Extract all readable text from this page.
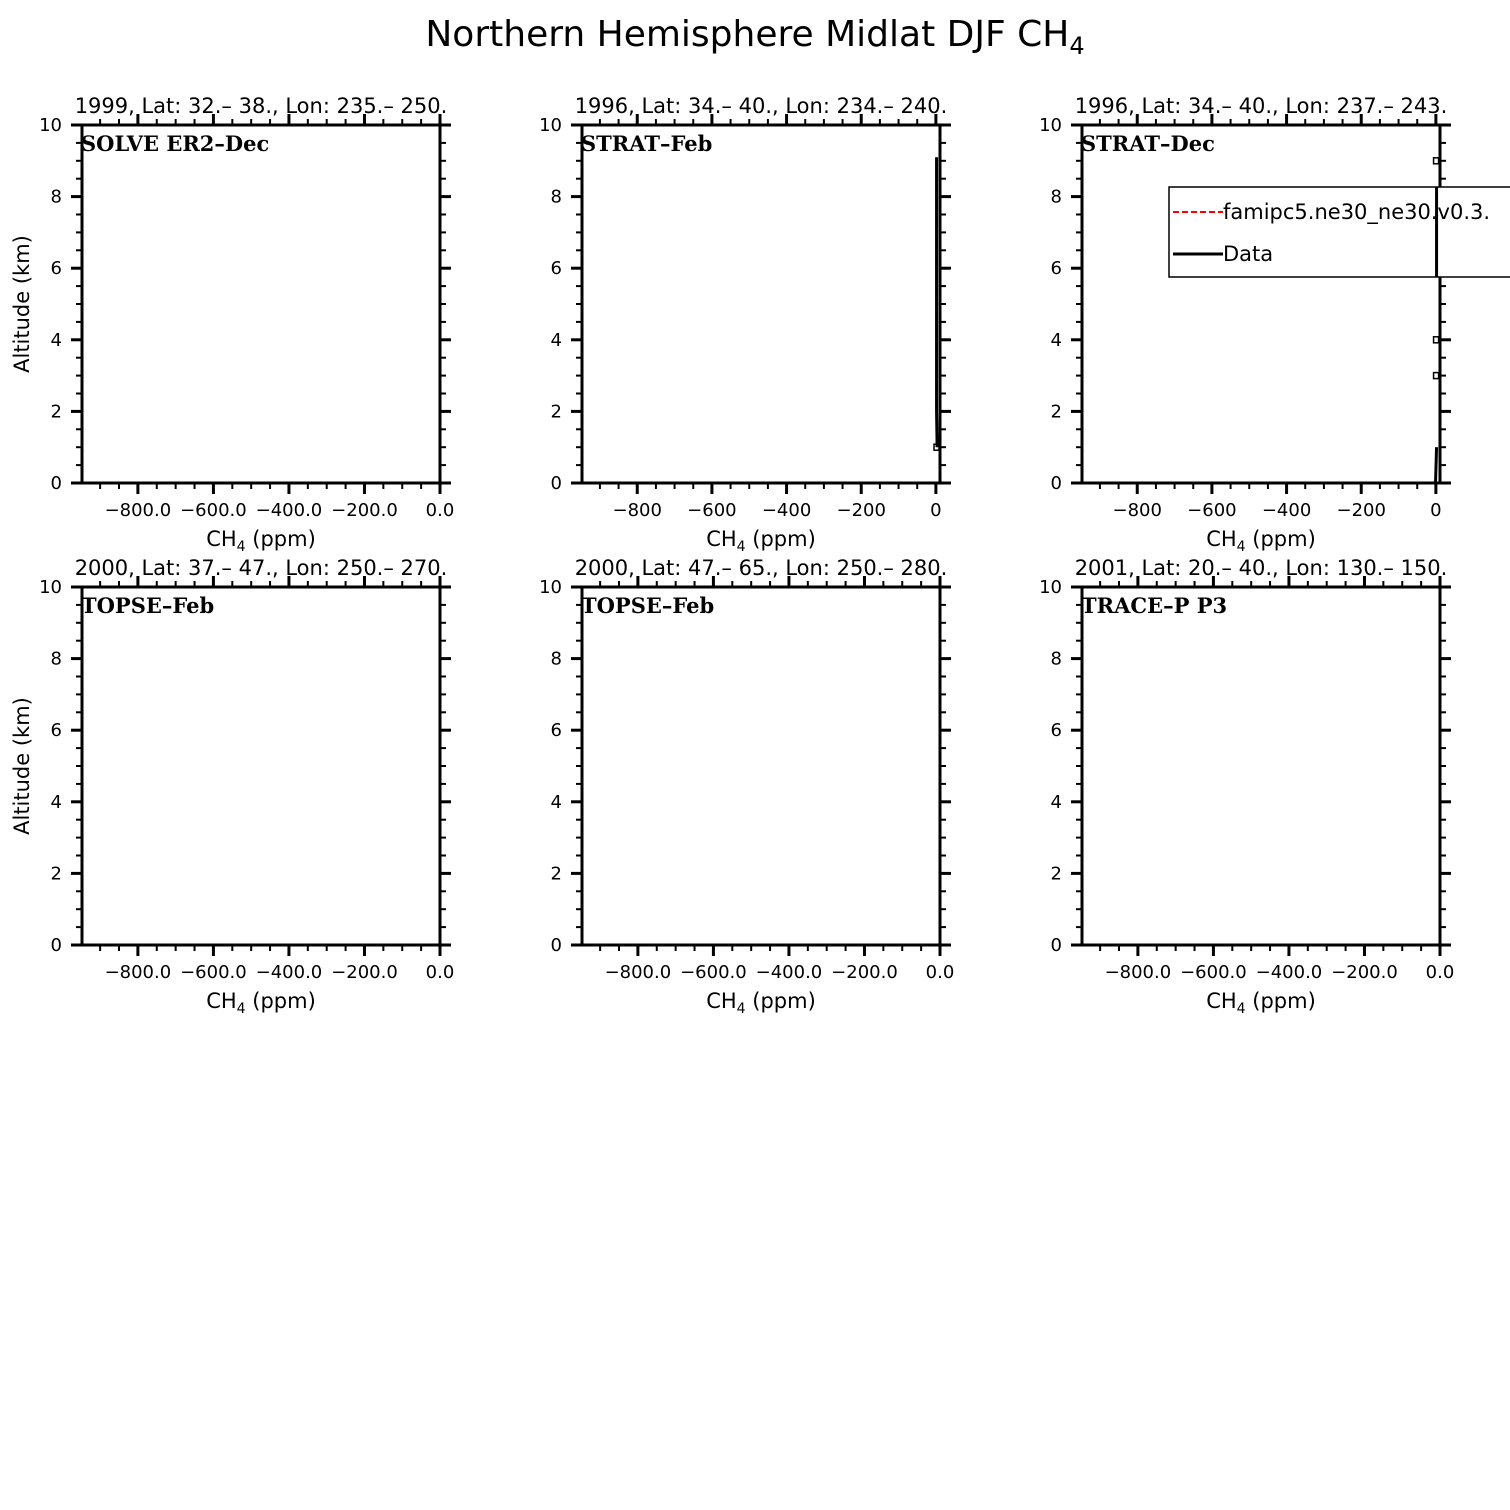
Northern Hemisphere Midlat DJF $CH_4$
−800.0 −600.0 −400.0 −200.0 0.0
0
2
4
6
8
10
1999, Lat: 32.– 38., Lon: 235.– 250.
SOLVE ER2–Dec
$CH_4$ (ppm)
Altitude (km)
−800 −600 −400 −200 0
0
2
4
6
8
10
1996, Lat: 34.– 40., Lon: 234.– 240.
STRAT–Feb
$CH_4$ (ppm)
−800 −600 −400 −200 0
0
2
4
6
8
10
1996, Lat: 34.– 40., Lon: 237.– 243.
STRAT–Dec
$CH_4$ (ppm)
famipc5.ne30_ne30.v0.3.
Data
−800.0 −600.0 −400.0 −200.0 0.0
0
2
4
6
8
10
2000, Lat: 37.– 47., Lon: 250.– 270.
TOPSE–Feb
$CH_4$ (ppm)
Altitude (km)
−800.0 −600.0 −400.0 −200.0 0.0
0
2
4
6
8
10
2000, Lat: 47.– 65., Lon: 250.– 280.
TOPSE–Feb
$CH_4$ (ppm)
−800.0 −600.0 −400.0 −200.0 0.0
0
2
4
6
8
10
2001, Lat: 20.– 40., Lon: 130.– 150.
TRACE–P P3
$CH_4$ (ppm)
